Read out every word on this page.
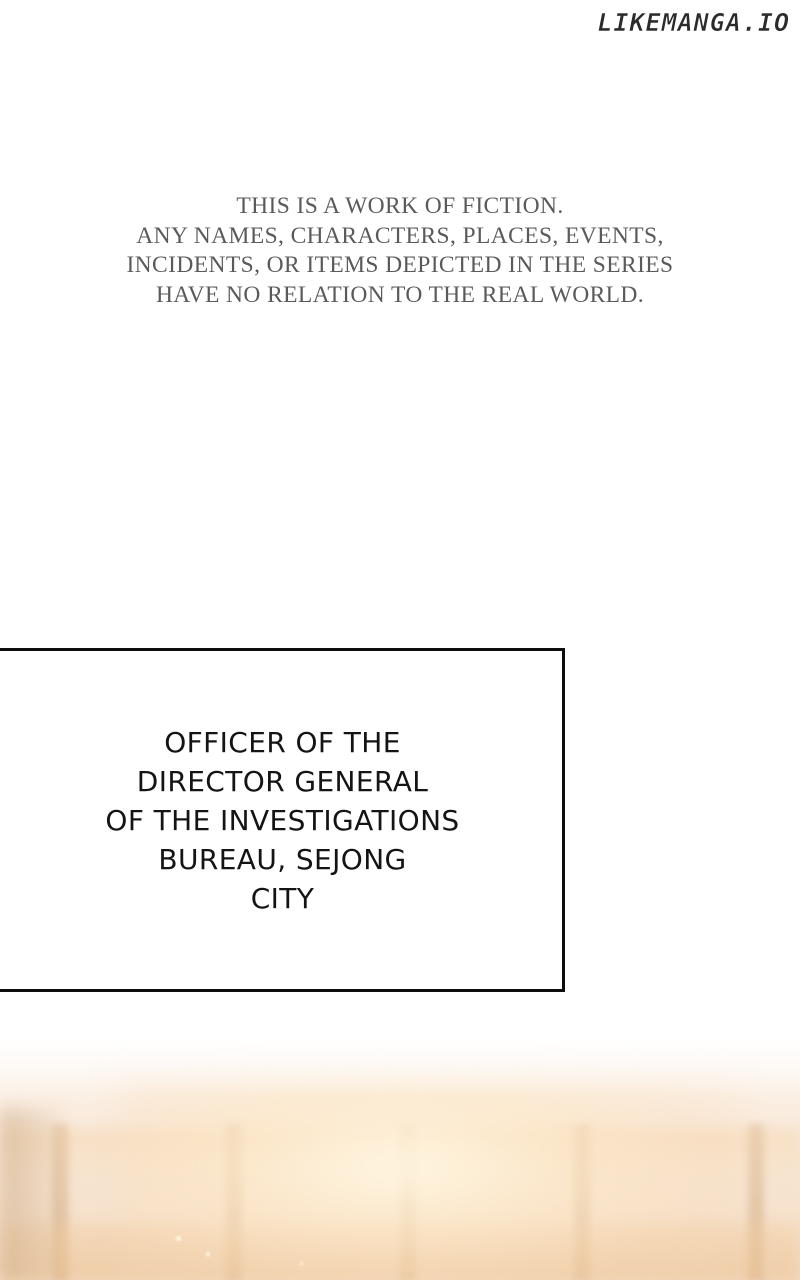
LIKEMANGA.IO
THIS IS A WORK OF FICTION.
ANY NAMES, CHARACTERS, PLACES, EVENTS,
INCIDENTS, OR ITEMS DEPICTED IN THE SERIES
HAVE NO RELATION TO THE REAL WORLD.
OFFICER OF THE
DIRECTOR GENERAL
OF THE INVESTIGATIONS
BUREAU, SEJONG
CITY
